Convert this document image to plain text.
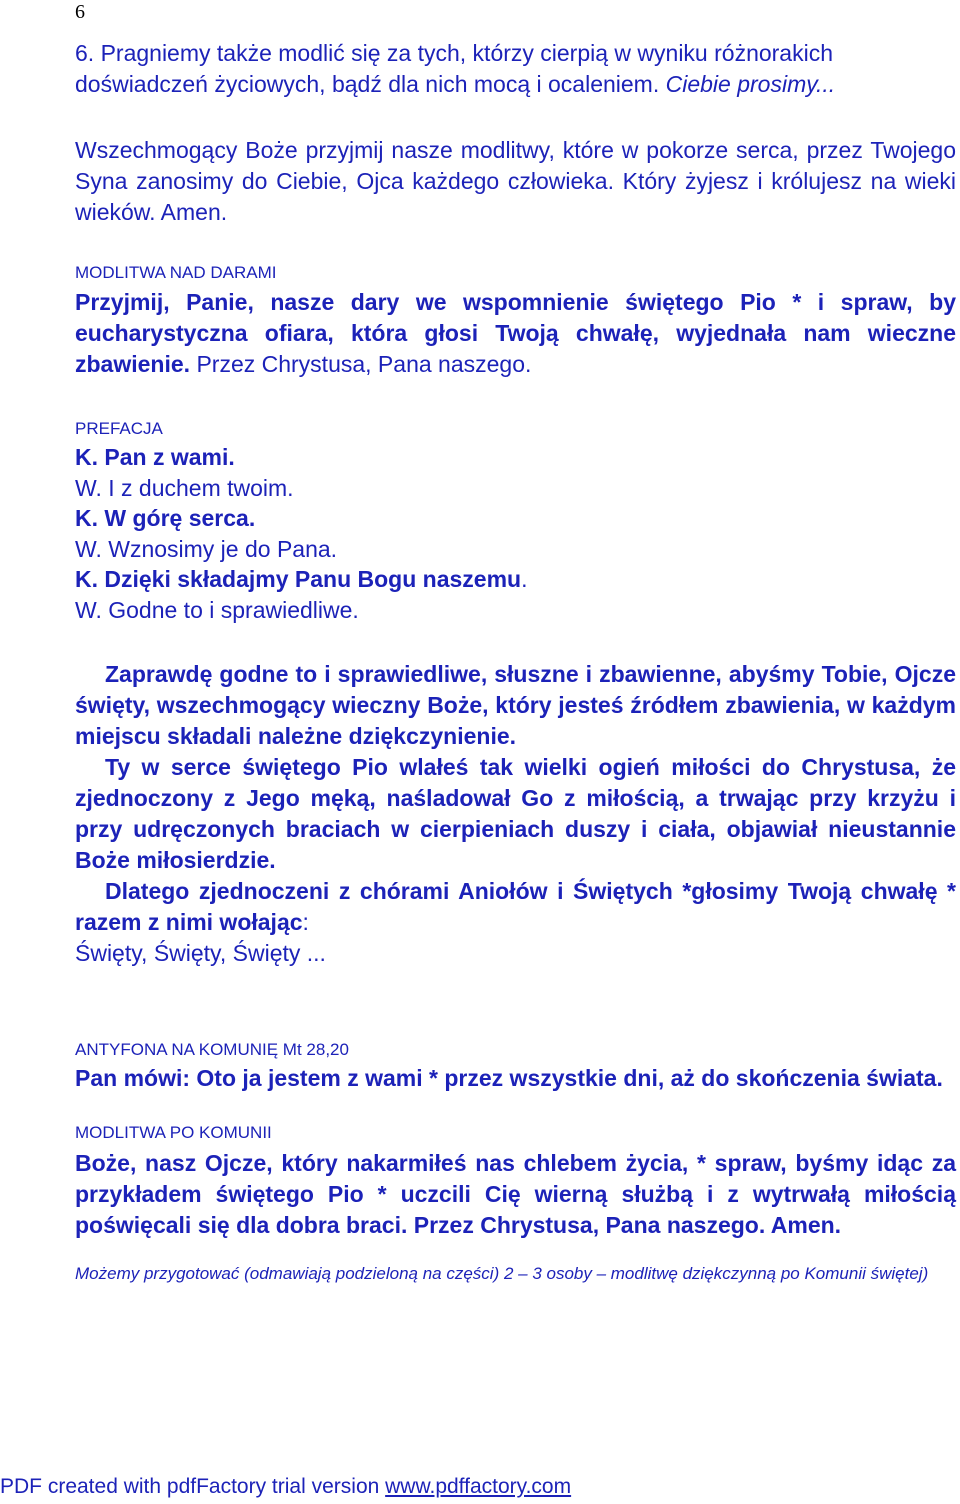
6

6. Pragniemy także modlić się za tych, którzy cierpią w wyniku różnorakich doświadczeń życiowych, bądź dla nich mocą i ocaleniem. Ciebie prosimy...

Wszechmogący Boże przyjmij nasze modlitwy, które w pokorze serca, przez Twojego Syna zanosimy do Ciebie, Ojca każdego człowieka. Który żyjesz i królujesz na wieki wieków. Amen.

MODLITWA NAD DARAMI

Przyjmij, Panie, nasze dary we wspomnienie świętego Pio * i spraw, by eucharystyczna ofiara, która głosi Twoją chwałę, wyjednała nam wieczne zbawienie. Przez Chrystusa, Pana naszego.

PREFACJA

K. Pan z wami.
W. I z duchem twoim.
K. W górę serca.
W. Wznosimy je do Pana.
K. Dzięki składajmy Panu Bogu naszemu.
W. Godne to i sprawiedliwe.

Zaprawdę godne to i sprawiedliwe, słuszne i zbawienne, abyśmy Tobie, Ojcze święty, wszechmogący wieczny Boże, który jesteś źródłem zbawienia, w każdym miejscu składali należne dziękczynienie.

Ty w serce świętego Pio wlałeś tak wielki ogień miłości do Chrystusa, że zjednoczony z Jego męką, naśladował Go z miłością, a trwając przy krzyżu i przy udręczonych braciach w cierpieniach duszy i ciała, objawiał nieustannie Boże miłosierdzie.

Dlatego zjednoczeni z chórami Aniołów i Świętych *głosimy Twoją chwałę * razem z nimi wołając:

Święty, Święty, Święty ...

ANTYFONA NA KOMUNIĘ Mt 28,20

Pan mówi: Oto ja jestem z wami * przez wszystkie dni, aż do skończenia świata.

MODLITWA PO KOMUNII

Boże, nasz Ojcze, który nakarmiłeś nas chlebem życia, * spraw, byśmy idąc za przykładem świętego Pio * uczcili Cię wierną służbą i z wytrwałą miłością poświęcali się dla dobra braci. Przez Chrystusa, Pana naszego. Amen.

Możemy przygotować (odmawiają podzieloną na części) 2 – 3 osoby – modlitwę dziękczynną po Komunii świętej)

PDF created with pdfFactory trial version www.pdffactory.com
